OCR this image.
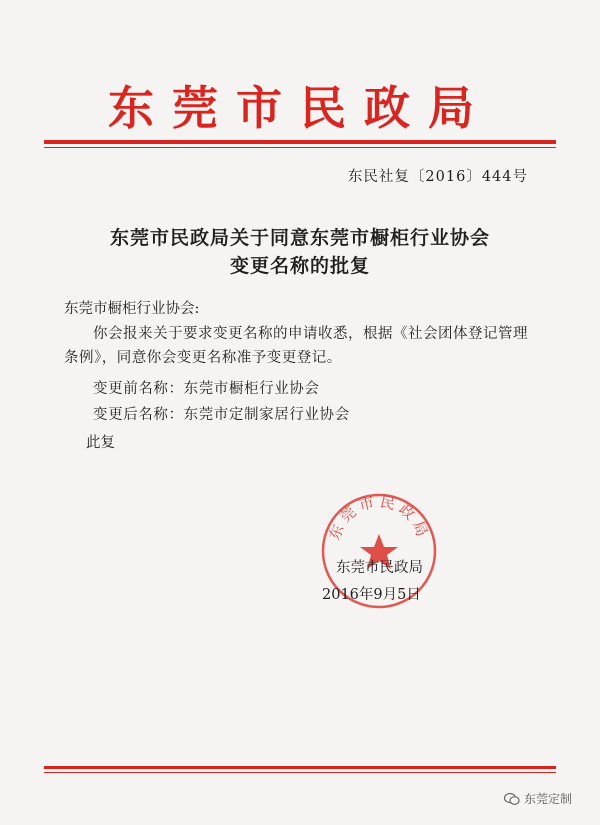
东莞市民政局
东民社复〔2016〕444号
东莞市民政局关于同意东莞市橱柜行业协会
变更名称的批复
东莞市橱柜行业协会:
你会报来关于要求变更名称的申请收悉，根据《社会团体登记管理条例》，同意你会变更名称准予变更登记。
变更前名称：东莞市橱柜行业协会
变更后名称：东莞市定制家居行业协会
此复
东莞市民政局
东莞市民政局
2016年9月5日
东莞定制
